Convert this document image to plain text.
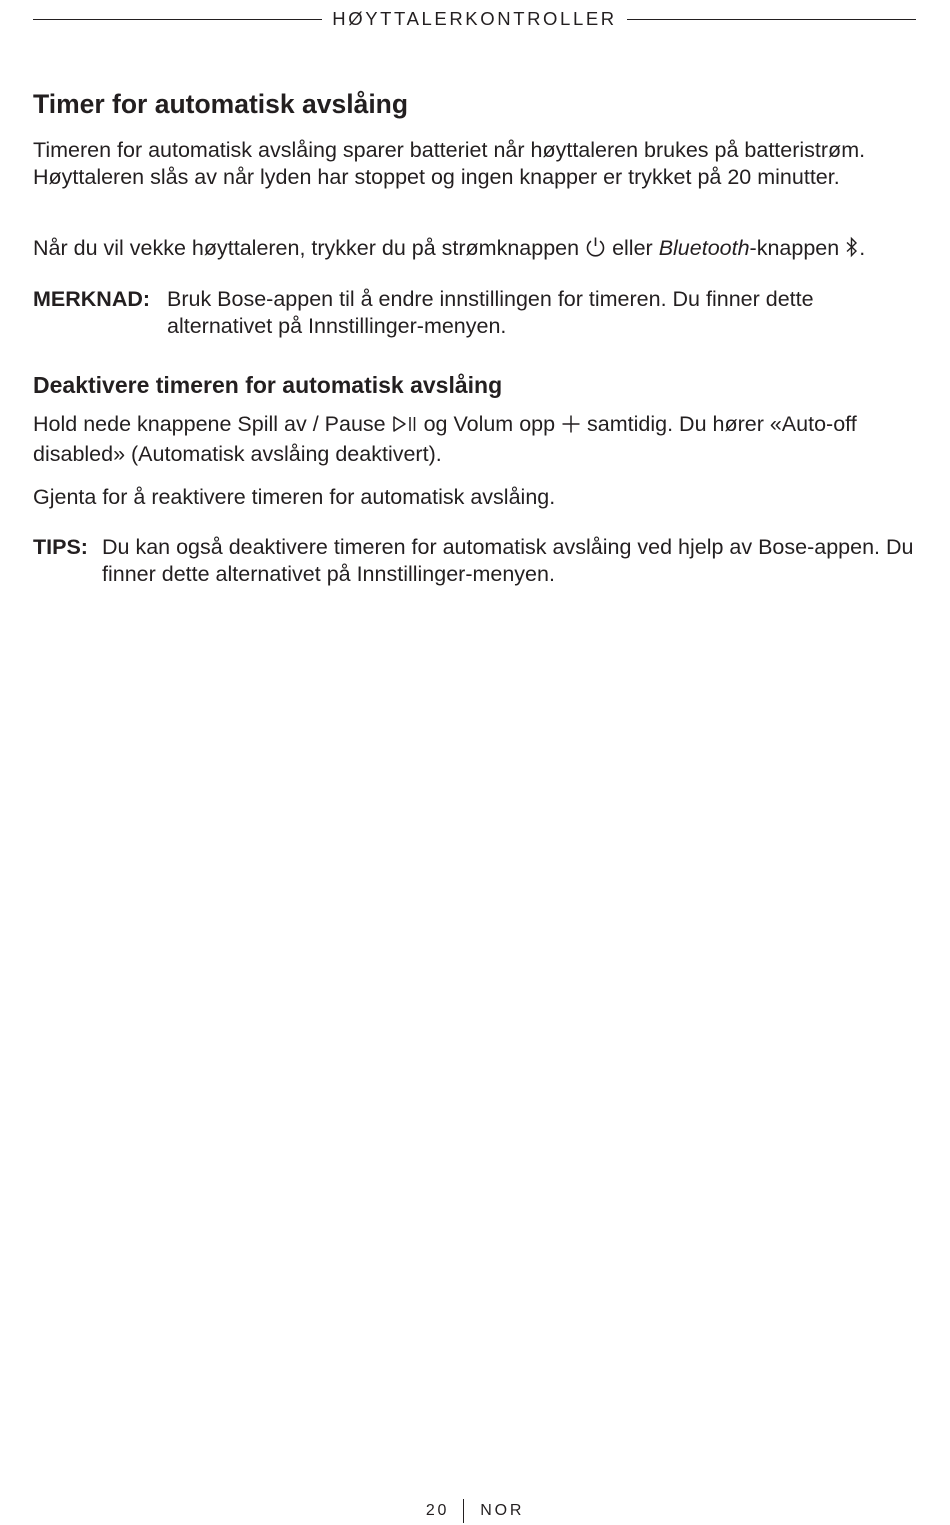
HØYTTALERKONTROLLER
Timer for automatisk avslåing

Timeren for automatisk avslåing sparer batteriet når høyttaleren brukes på batteristrøm. Høyttaleren slås av når lyden har stoppet og ingen knapper er trykket på 20 minutter.

Når du vil vekke høyttaleren, trykker du på strømknappen eller Bluetooth-knappen .

MERKNAD: Bruk Bose-appen til å endre innstillingen for timeren. Du finner dette alternativet på Innstillinger-menyen.
Deaktivere timeren for automatisk avslåing

Hold nede knappene Spill av / Pause og Volum opp samtidig. Du hører «Auto-off disabled» (Automatisk avslåing deaktivert).

Gjenta for å reaktivere timeren for automatisk avslåing.

TIPS: Du kan også deaktivere timeren for automatisk avslåing ved hjelp av Bose-appen. Du finner dette alternativet på Innstillinger-menyen.
20 NOR
